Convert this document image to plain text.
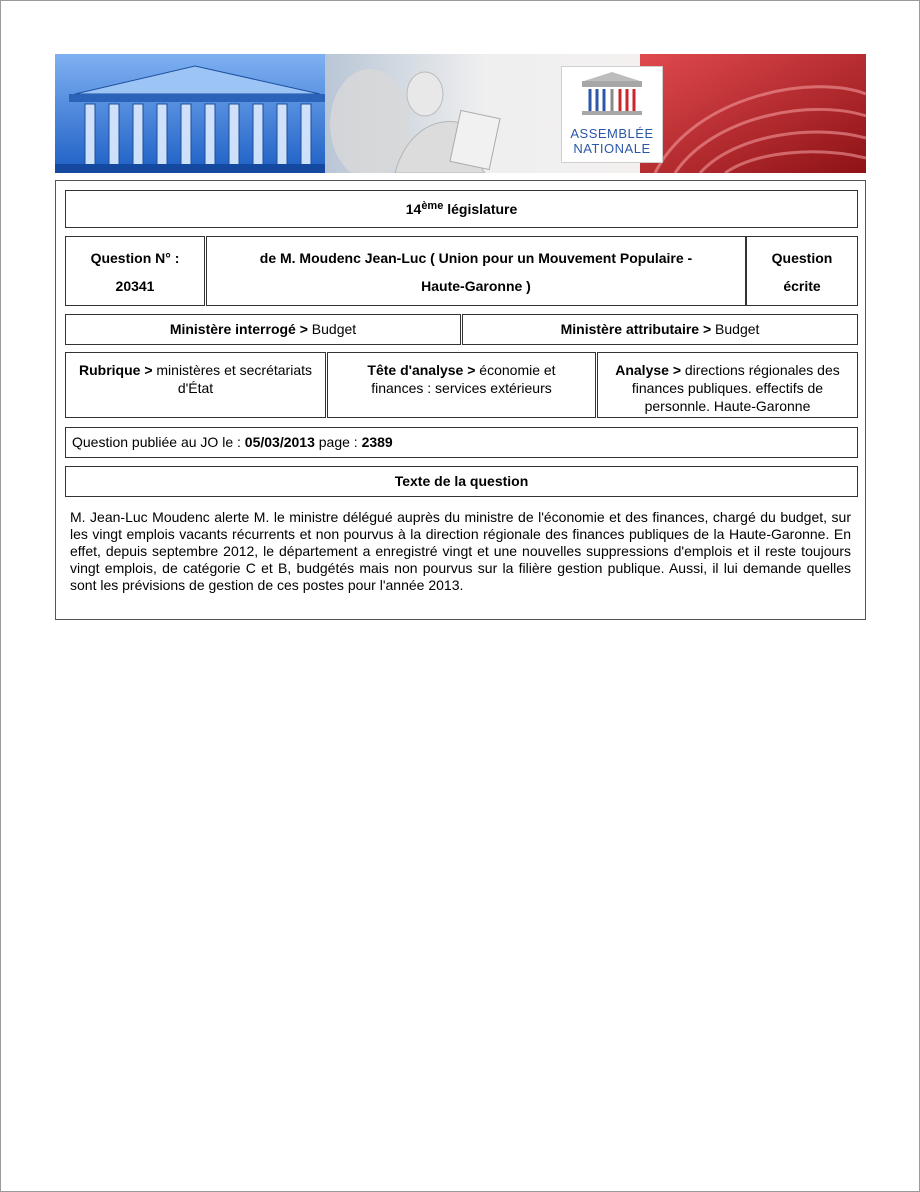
ASSEMBLÉE
NATIONALE
14ème
législature
Question N° :
20341
de M. Moudenc Jean-Luc ( Union pour un Mouvement Populaire -
Haute-Garonne )
Question
écrite
Ministère interrogé > Budget	Ministère attributaire > Budget
Rubrique > ministères et secrétariats d'État
Tête d'analyse > économie et finances : services extérieurs
Analyse > directions régionales des finances publiques. effectifs de personnle. Haute-Garonne
Question publiée au JO le : 05/03/2013 page : 2389
Texte de la question
M. Jean-Luc Moudenc alerte M. le ministre délégué auprès du ministre de l'économie et des finances, chargé du budget, sur les vingt emplois vacants récurrents et non pourvus à la direction régionale des finances publiques de la Haute-Garonne. En effet, depuis septembre 2012, le département a enregistré vingt et une nouvelles suppressions d'emplois et il reste toujours vingt emplois, de catégorie C et B, budgétés mais non pourvus sur la filière gestion publique. Aussi, il lui demande quelles sont les prévisions de gestion de ces postes pour l'année 2013.
